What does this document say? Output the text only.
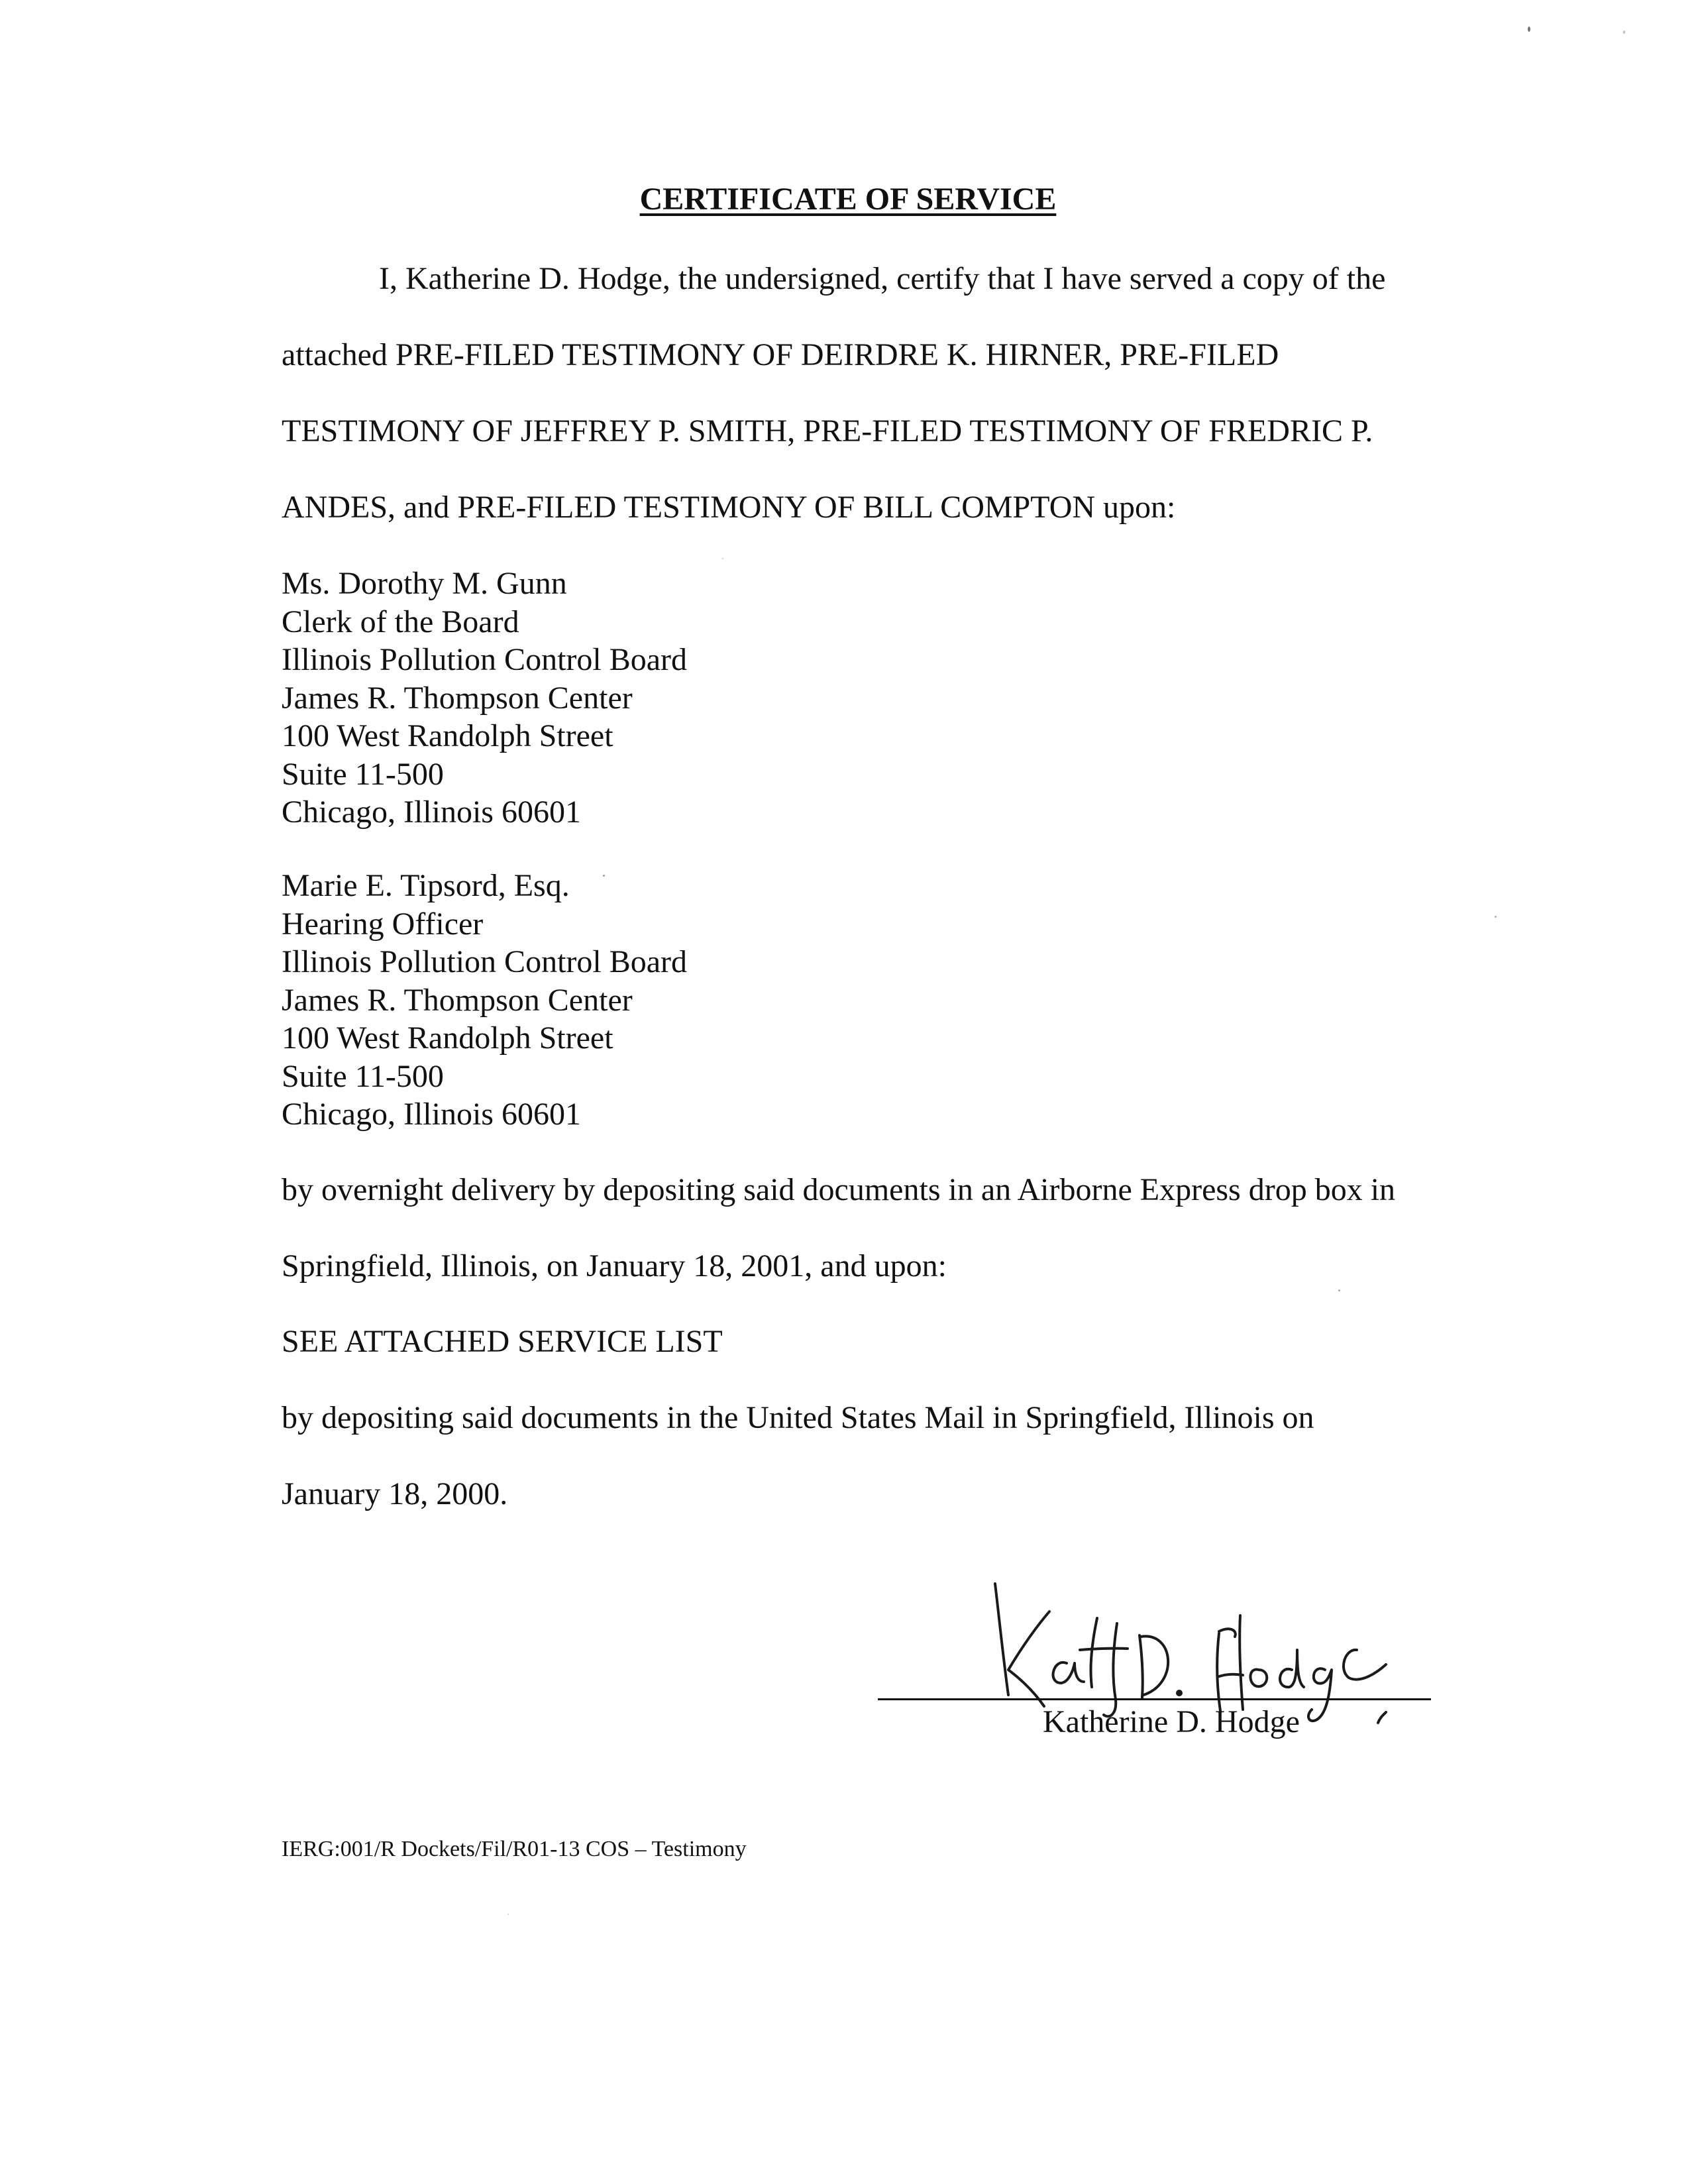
CERTIFICATE OF SERVICE
I, Katherine D. Hodge, the undersigned, certify that I have served a copy of the
attached PRE-FILED TESTIMONY OF DEIRDRE K. HIRNER, PRE-FILED
TESTIMONY OF JEFFREY P. SMITH, PRE-FILED TESTIMONY OF FREDRIC P.
ANDES, and PRE-FILED TESTIMONY OF BILL COMPTON upon:
Ms. Dorothy M. Gunn
Clerk of the Board
Illinois Pollution Control Board
James R. Thompson Center
100 West Randolph Street
Suite 11-500
Chicago, Illinois 60601
Marie E. Tipsord, Esq.
Hearing Officer
Illinois Pollution Control Board
James R. Thompson Center
100 West Randolph Street
Suite 11-500
Chicago, Illinois 60601
by overnight delivery by depositing said documents in an Airborne Express drop box in
Springfield, Illinois, on January 18, 2001, and upon:
SEE ATTACHED SERVICE LIST
by depositing said documents in the United States Mail in Springfield, Illinois on
January 18, 2000.
Katherine D. Hodge
IERG:001/R Dockets/Fil/R01-13 COS – Testimony
